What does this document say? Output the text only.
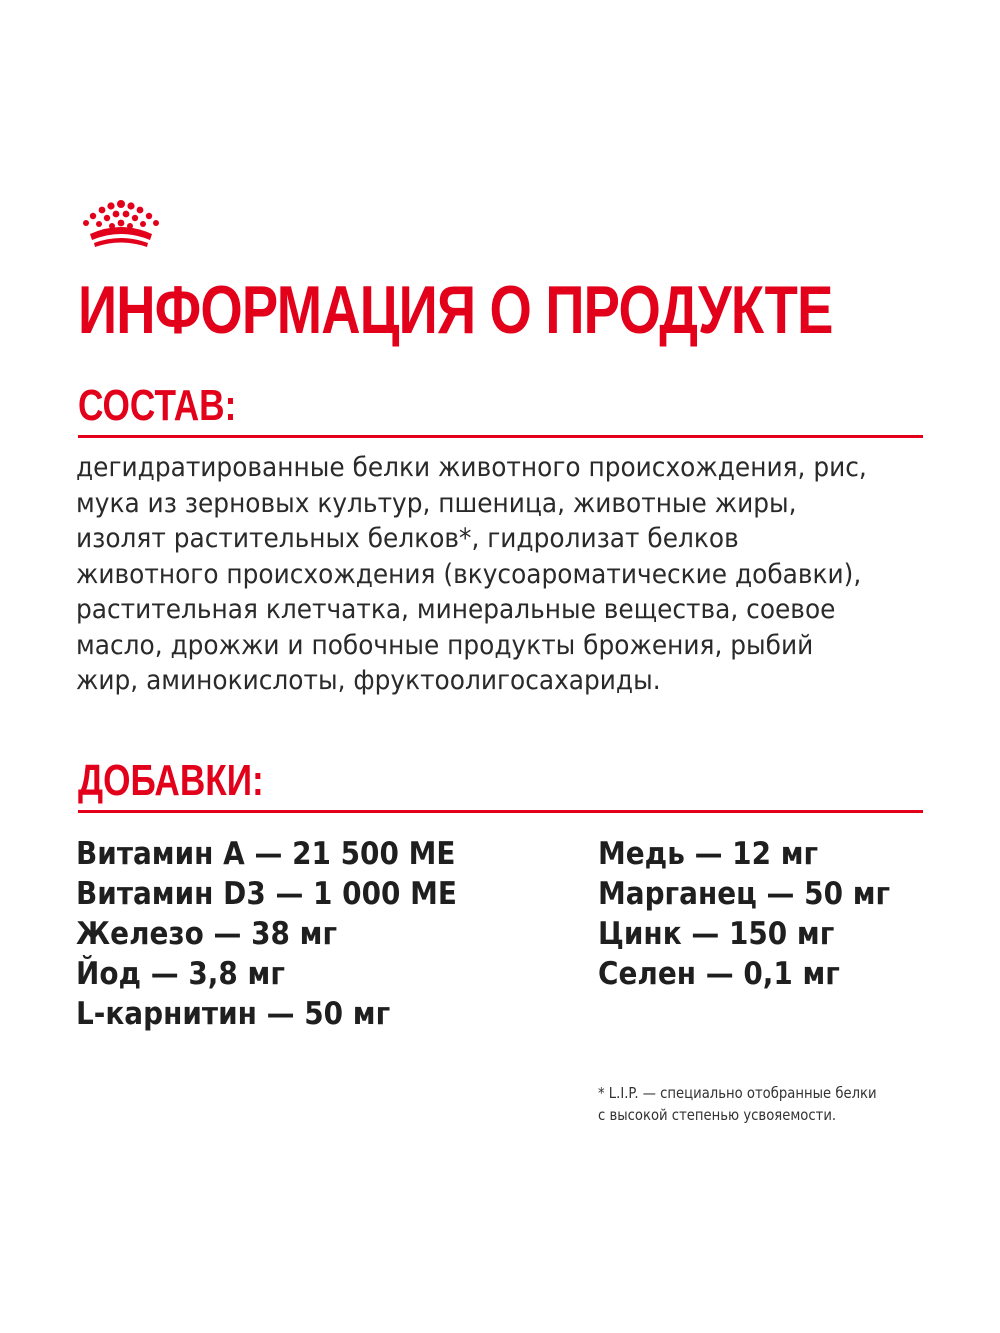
ИНФОРМАЦИЯ О ПРОДУКТЕ
СОСТАВ:

дегидратированные белки животного происхождения, рис, мука из зерновых культур, пшеница, животные жиры, изолят растительных белков*, гидролизат белков животного происхождения (вкусоароматические добавки), растительная клетчатка, минеральные вещества, соевое масло, дрожжи и побочные продукты брожения, рыбий жир, аминокислоты, фруктоолигосахариды.

ДОБАВКИ:
Витамин A — 21 500 МЕ
Витамин D3 — 1 000 МЕ
Железо — 38 мг
Йод — 3,8 мг
L-карнитин — 50 мг
Медь — 12 мг
Марганец — 50 мг
Цинк — 150 мг
Селен — 0,1 мг
* L.I.P. — специально отобранные белки
с высокой степенью усвояемости.
